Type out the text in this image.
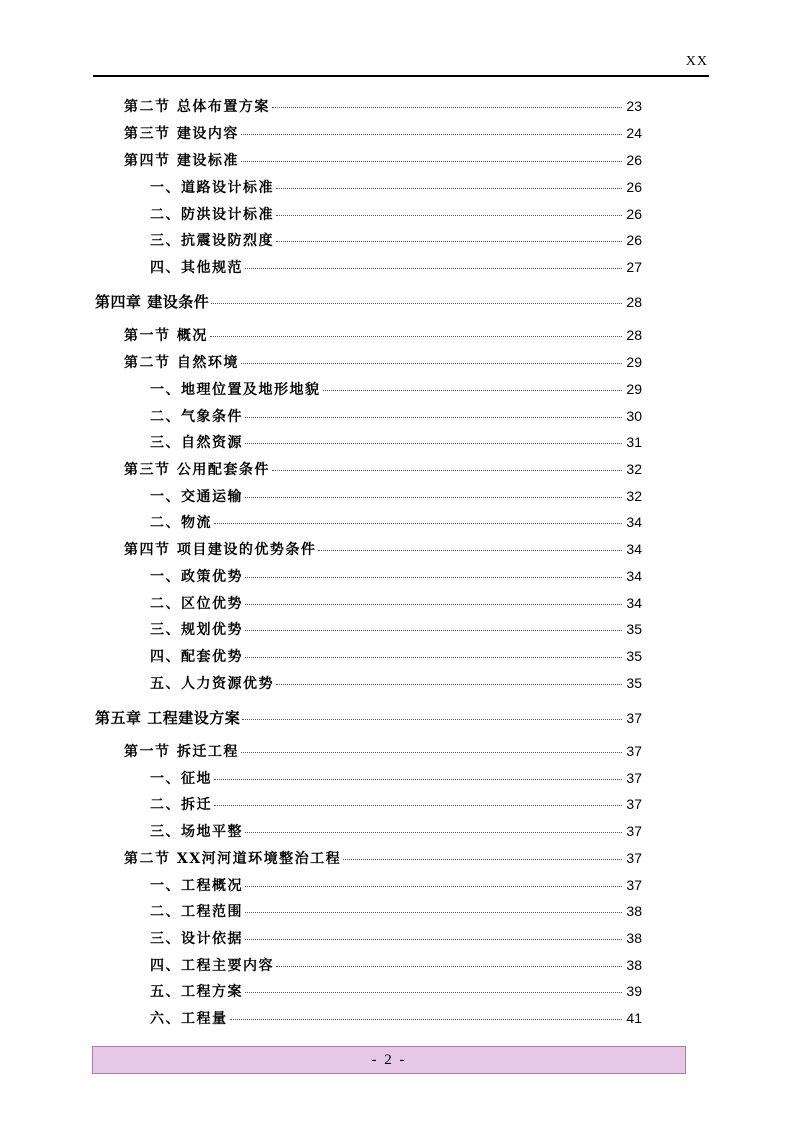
XX
第二节 总体布置方案	23
第三节 建设内容	24
第四节 建设标准	26
一、道路设计标准	26
二、防洪设计标准	26
三、抗震设防烈度	26
四、其他规范	27
第四章 建设条件	28
第一节 概况	28
第二节 自然环境	29
一、地理位置及地形地貌	29
二、气象条件	30
三、自然资源	31
第三节 公用配套条件	32
一、交通运输	32
二、物流	34
第四节 项目建设的优势条件	34
一、政策优势	34
二、区位优势	34
三、规划优势	35
四、配套优势	35
五、人力资源优势	35
第五章 工程建设方案	37
第一节 拆迁工程	37
一、征地	37
二、拆迁	37
三、场地平整	37
第二节 XX河河道环境整治工程	37
一、工程概况	37
二、工程范围	38
三、设计依据	38
四、工程主要内容	38
五、工程方案	39
六、工程量	41
- 2 -
